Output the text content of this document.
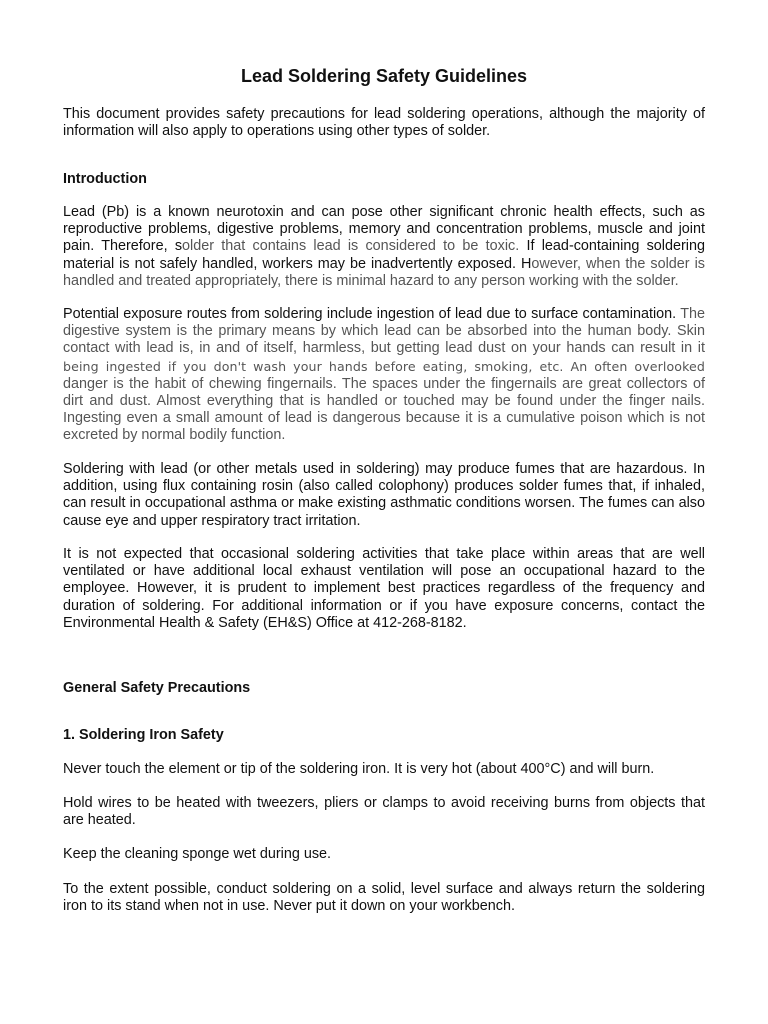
Lead Soldering Safety Guidelines

This document provides safety precautions for lead soldering operations, although the majority of information will also apply to operations using other types of solder.

Introduction

Lead (Pb) is a known neurotoxin and can pose other significant chronic health effects, such as reproductive problems, digestive problems, memory and concentration problems, muscle and joint pain. Therefore, solder that contains lead is considered to be toxic. If lead-containing soldering material is not safely handled, workers may be inadvertently exposed. However, when the solder is handled and treated appropriately, there is minimal hazard to any person working with the solder.

Potential exposure routes from soldering include ingestion of lead due to surface contamination. The digestive system is the primary means by which lead can be absorbed into the human body. Skin contact with lead is, in and of itself, harmless, but getting lead dust on your hands can result in it being ingested if you don't wash your hands before eating, smoking, etc. An often overlooked danger is the habit of chewing fingernails. The spaces under the fingernails are great collectors of dirt and dust. Almost everything that is handled or touched may be found under the finger nails. Ingesting even a small amount of lead is dangerous because it is a cumulative poison which is not excreted by normal bodily function.

Soldering with lead (or other metals used in soldering) may produce fumes that are hazardous. In addition, using flux containing rosin (also called colophony) produces solder fumes that, if inhaled, can result in occupational asthma or make existing asthmatic conditions worsen. The fumes can also cause eye and upper respiratory tract irritation.

It is not expected that occasional soldering activities that take place within areas that are well ventilated or have additional local exhaust ventilation will pose an occupational hazard to the employee. However, it is prudent to implement best practices regardless of the frequency and duration of soldering. For additional information or if you have exposure concerns, contact the Environmental Health & Safety (EH&S) Office at 412-268-8182.

General Safety Precautions
1. Soldering Iron Safety

Never touch the element or tip of the soldering iron. It is very hot (about 400°C) and will burn.

Hold wires to be heated with tweezers, pliers or clamps to avoid receiving burns from objects that are heated.

Keep the cleaning sponge wet during use.

To the extent possible, conduct soldering on a solid, level surface and always return the soldering iron to its stand when not in use. Never put it down on your workbench.
